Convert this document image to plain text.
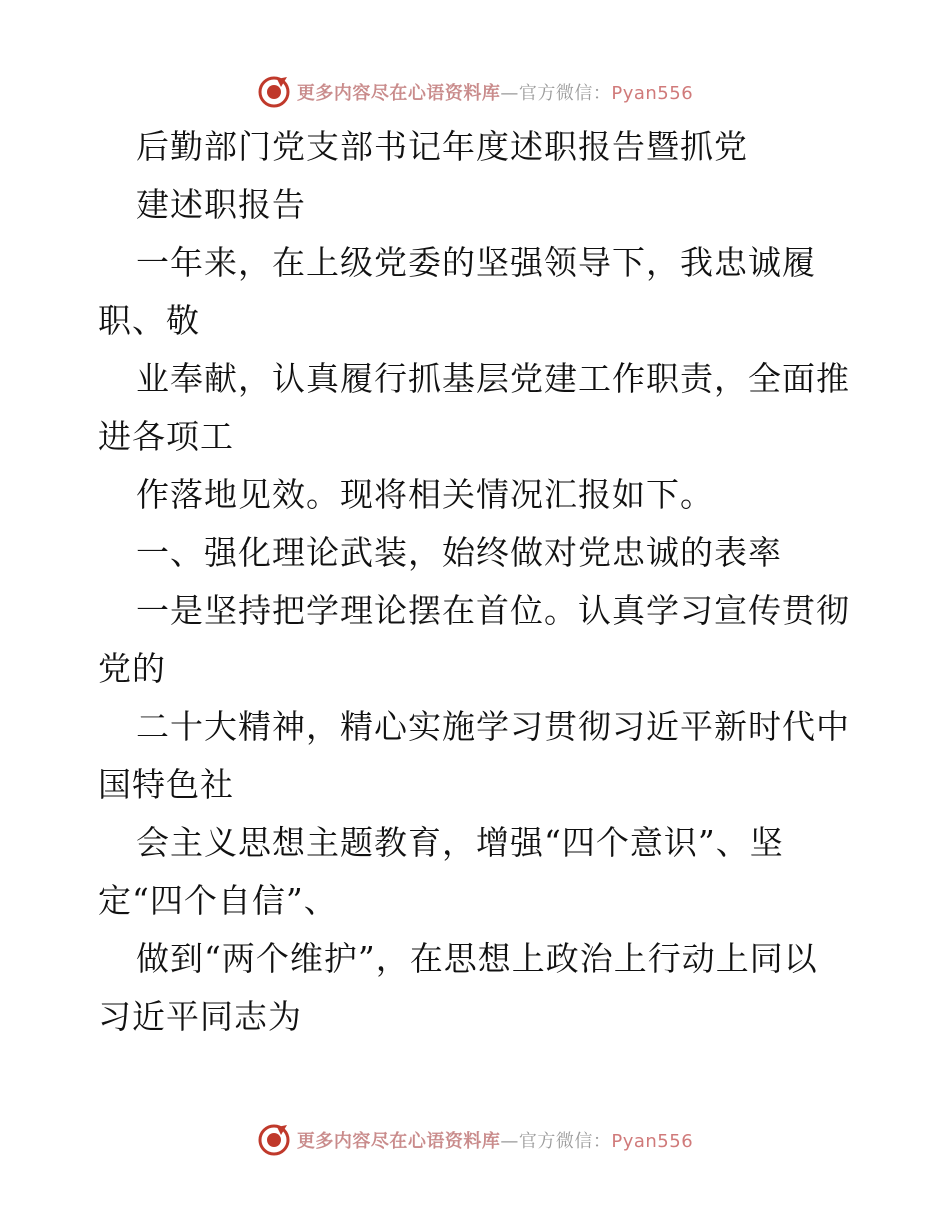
更多内容尽在心语资料库—官方微信：Pyan556
后勤部门党支部书记年度述职报告暨抓党
建述职报告
一年来，在上级党委的坚强领导下，我忠诚履
职、敬
业奉献，认真履行抓基层党建工作职责，全面推
进各项工
作落地见效。现将相关情况汇报如下。
一、强化理论武装，始终做对党忠诚的表率
一是坚持把学理论摆在首位。认真学习宣传贯彻
党的
二十大精神，精心实施学习贯彻习近平新时代中
国特色社
会主义思想主题教育，增强“四个意识”、坚
定“四个自信”、
做到“两个维护”，在思想上政治上行动上同以
习近平同志为
更多内容尽在心语资料库—官方微信：Pyan556
